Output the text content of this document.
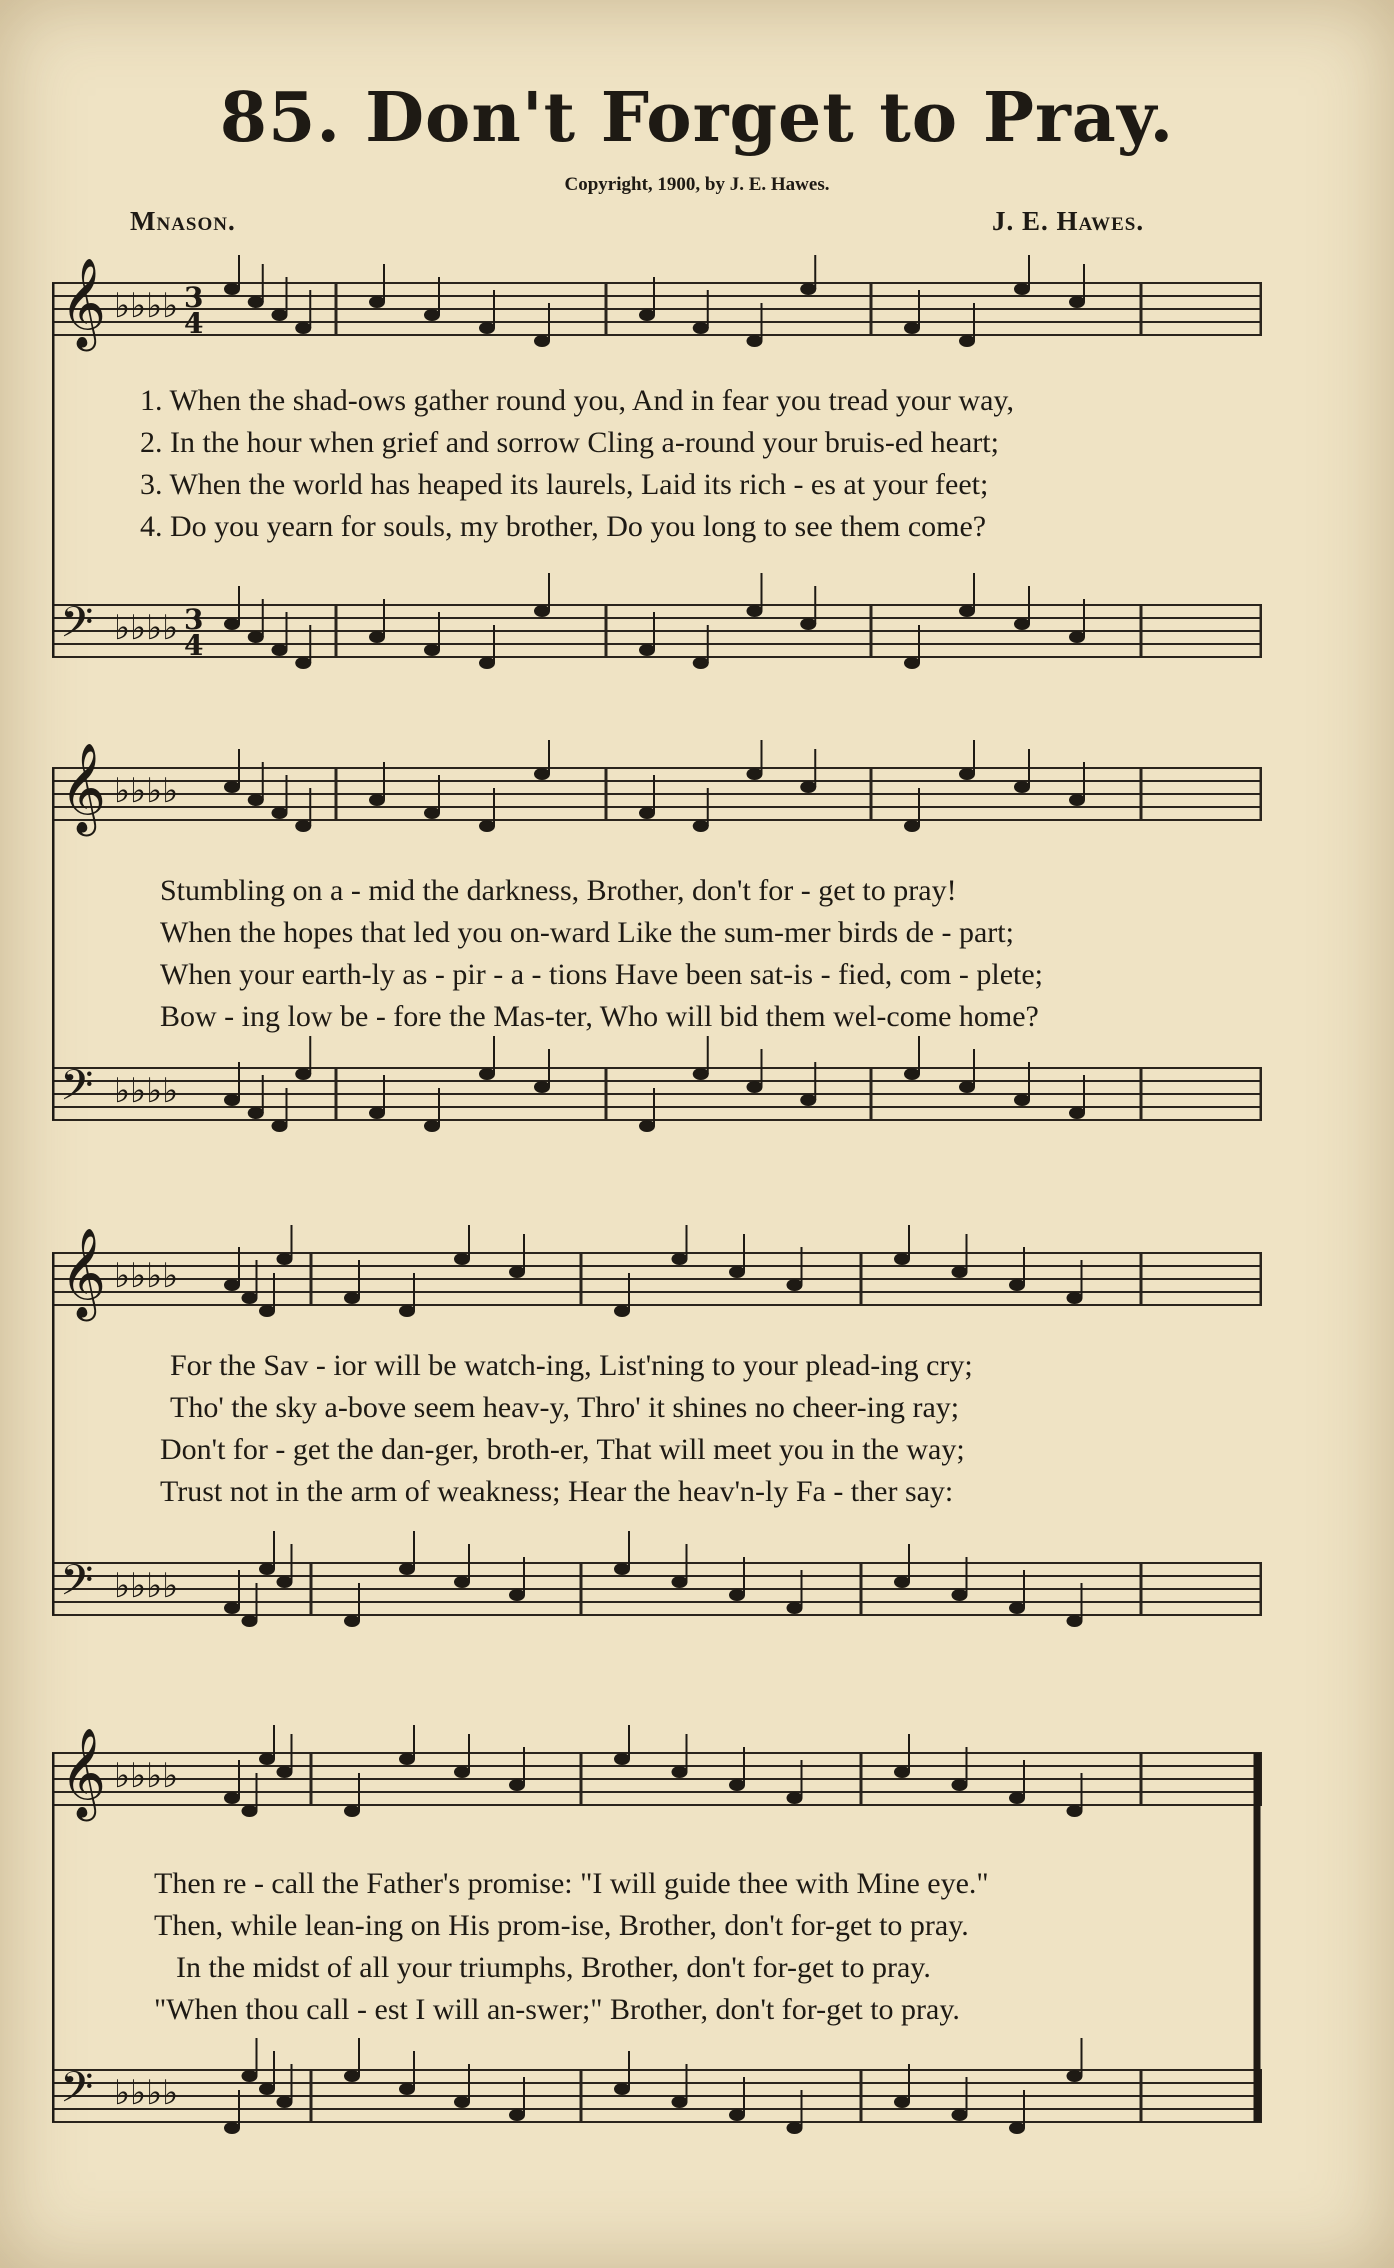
85. Don't Forget to Pray.
Copyright, 1900, by J. E. Hawes.
Mnason.	J. E. Hawes.
𝄞 ♭♭♭♭ 3
4
𝄢 ♭♭♭♭ 3
4
1. When the shad-ows gather round you, And in fear you tread your way,
2. In the hour when grief and sorrow Cling a-round your bruis-ed heart;
3. When the world has heaped its laurels, Laid its rich - es at your feet;
4. Do you yearn for souls, my brother, Do you long to see them come?
𝄞 ♭♭♭♭
𝄢 ♭♭♭♭
Stumbling on a - mid the darkness, Brother, don't for - get to pray!
When the hopes that led you on-ward Like the sum-mer birds de - part;
When your earth-ly as - pir - a - tions Have been sat-is - fied, com - plete;
Bow - ing low be - fore the Mas-ter, Who will bid them wel-come home?
𝄞 ♭♭♭♭
𝄢 ♭♭♭♭
For the Sav - ior will be watch-ing, List'ning to your plead-ing cry;
Tho' the sky a-bove seem heav-y, Thro' it shines no cheer-ing ray;
Don't for - get the dan-ger, broth-er, That will meet you in the way;
Trust not in the arm of weakness; Hear the heav'n-ly Fa - ther say:
𝄞 ♭♭♭♭
𝄢 ♭♭♭♭
Then re - call the Father's promise: "I will guide thee with Mine eye."
Then, while lean-ing on His prom-ise, Brother, don't for-get to pray.
In the midst of all your triumphs, Brother, don't for-get to pray.
"When thou call - est I will an-swer;" Brother, don't for-get to pray.
